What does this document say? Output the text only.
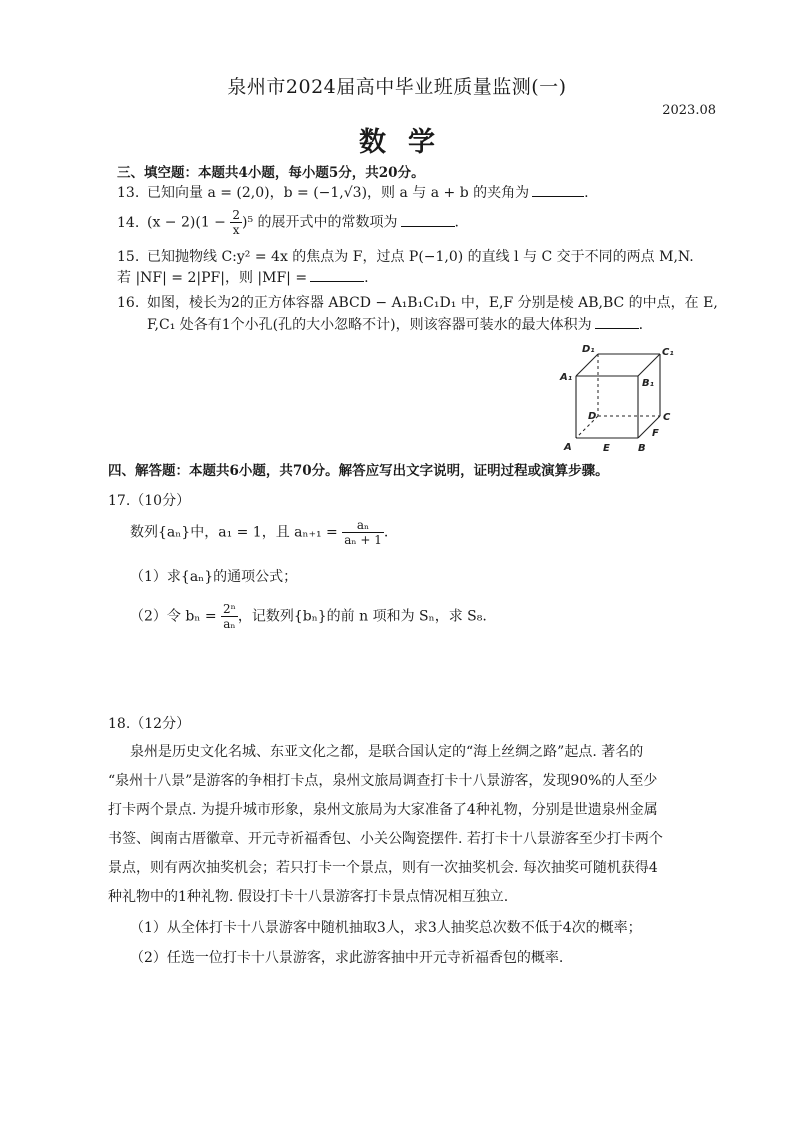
泉州市2024届高中毕业班质量监测(一)
2023.08
数学
三、填空题：本题共4小题，每小题5分，共20分。
13. 已知向量 a = (2,0)，b = (−1,√3)，则 a 与 a + b 的夹角为	.
14. $(x - 2)(1 - \frac{2}{x} )^5$ 的展开式中的常数项为	.
15. 已知抛物线 C:y² = 4x 的焦点为 F，过点 P(−1,0) 的直线 l 与 C 交于不同的两点 M,N.
若 |NF| = 2|PF|，则 |MF| =	.
16. 如图，棱长为2的正方体容器 ABCD − A₁B₁C₁D₁ 中，E,F 分别是棱 AB,BC 的中点，在 E,
F,C₁ 处各有1个小孔(孔的大小忽略不计)，则该容器可装水的最大体积为	.
D₁	C₁
A₁
B₁
D	C
A	E	B
F
四、解答题：本题共6小题，共70分。解答应写出文字说明，证明过程或演算步骤。
17.（10分）
数列{aₙ}中，a₁ = 1，且 $a_{n+1} = \frac{\text{aₙ}}{\text{aₙ + 1}}$ .
（1）求{aₙ}的通项公式；
（2）令 $b_n = \frac{\text{2ⁿ}}{\text{aₙ}}$ ，记数列{bₙ}的前 n 项和为 Sₙ，求 S₈.
18.（12分）
泉州是历史文化名城、东亚文化之都，是联合国认定的“海上丝绸之路”起点. 著名的
“泉州十八景”是游客的争相打卡点，泉州文旅局调查打卡十八景游客，发现90%的人至少
打卡两个景点. 为提升城市形象，泉州文旅局为大家准备了4种礼物，分别是世遗泉州金属
书签、闽南古厝徽章、开元寺祈福香包、小关公陶瓷摆件. 若打卡十八景游客至少打卡两个
景点，则有两次抽奖机会；若只打卡一个景点，则有一次抽奖机会. 每次抽奖可随机获得4
种礼物中的1种礼物. 假设打卡十八景游客打卡景点情况相互独立.
（1）从全体打卡十八景游客中随机抽取3人，求3人抽奖总次数不低于4次的概率；
（2）任选一位打卡十八景游客，求此游客抽中开元寺祈福香包的概率.
